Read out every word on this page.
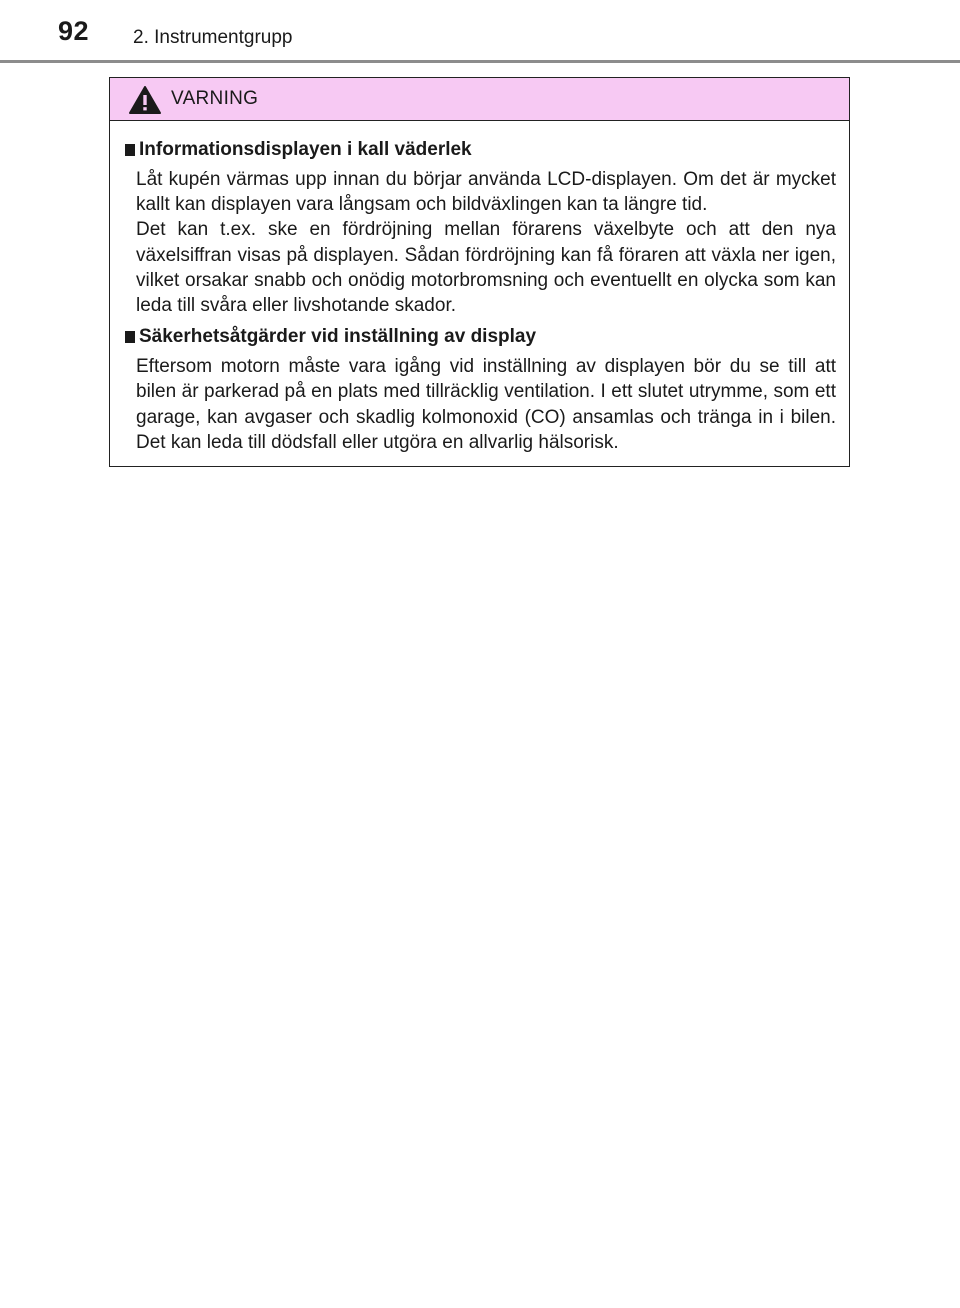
92 2. Instrumentgrupp
VARNING
Informationsdisplayen i kall väderlek

Låt kupén värmas upp innan du börjar använda LCD-displayen. Om det är mycket kallt kan displayen vara långsam och bildväxlingen kan ta längre tid.

Det kan t.ex. ske en fördröjning mellan förarens växelbyte och att den nya växelsiffran visas på displayen. Sådan fördröjning kan få föraren att växla ner igen, vilket orsakar snabb och onödig motorbromsning och eventuellt en olycka som kan leda till svåra eller livshotande skador.

Säkerhetsåtgärder vid inställning av display

Eftersom motorn måste vara igång vid inställning av displayen bör du se till att bilen är parkerad på en plats med tillräcklig ventilation. I ett slutet utrymme, som ett garage, kan avgaser och skadlig kolmonoxid (CO) ansamlas och tränga in i bilen. Det kan leda till dödsfall eller utgöra en allvarlig hälsorisk.
